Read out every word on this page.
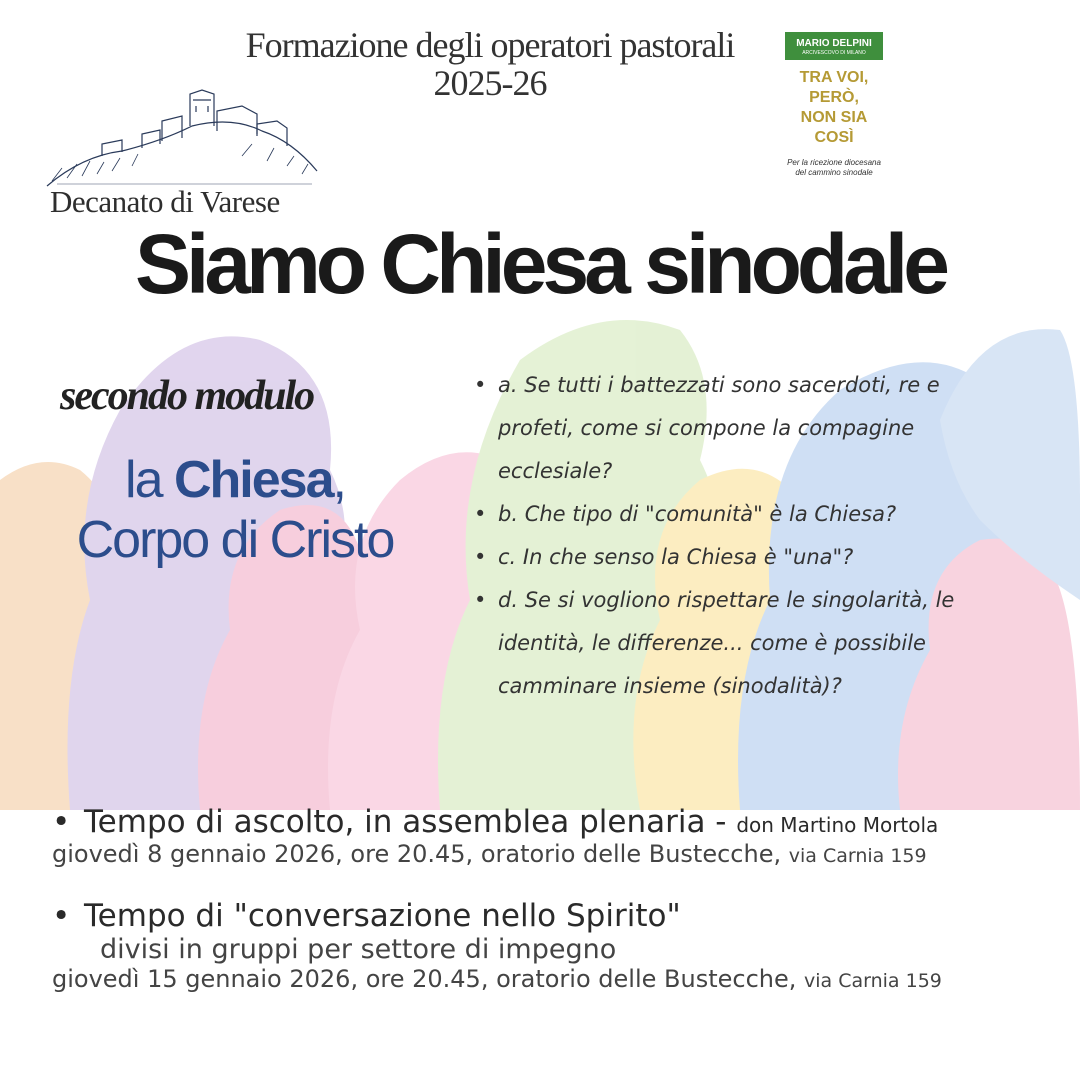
Formazione degli operatori pastorali
2025-26
Decanato di Varese
MARIO DELPINI
ARCIVESCOVO DI MILANO
TRA VOI,
PERÒ,
NON SIA
COSÌ
Per la ricezione diocesana
del cammino sinodale
Siamo Chiesa sinodale
secondo modulo
la Chiesa,
Corpo di Cristo
• a. Se tutti i battezzati sono sacerdoti, re e
profeti, come si compone la compagine
ecclesiale?
• b. Che tipo di "comunità" è la Chiesa?
• c. In che senso la Chiesa è "una"?
• d. Se si vogliono rispettare le singolarità, le
identità, le differenze... come è possibile
camminare insieme (sinodalità)?
• Tempo di ascolto, in assemblea plenaria - don Martino Mortola
giovedì 8 gennaio 2026, ore 20.45, oratorio delle Bustecche, via Carnia 159
• Tempo di "conversazione nello Spirito"
divisi in gruppi per settore di impegno
giovedì 15 gennaio 2026, ore 20.45, oratorio delle Bustecche, via Carnia 159
